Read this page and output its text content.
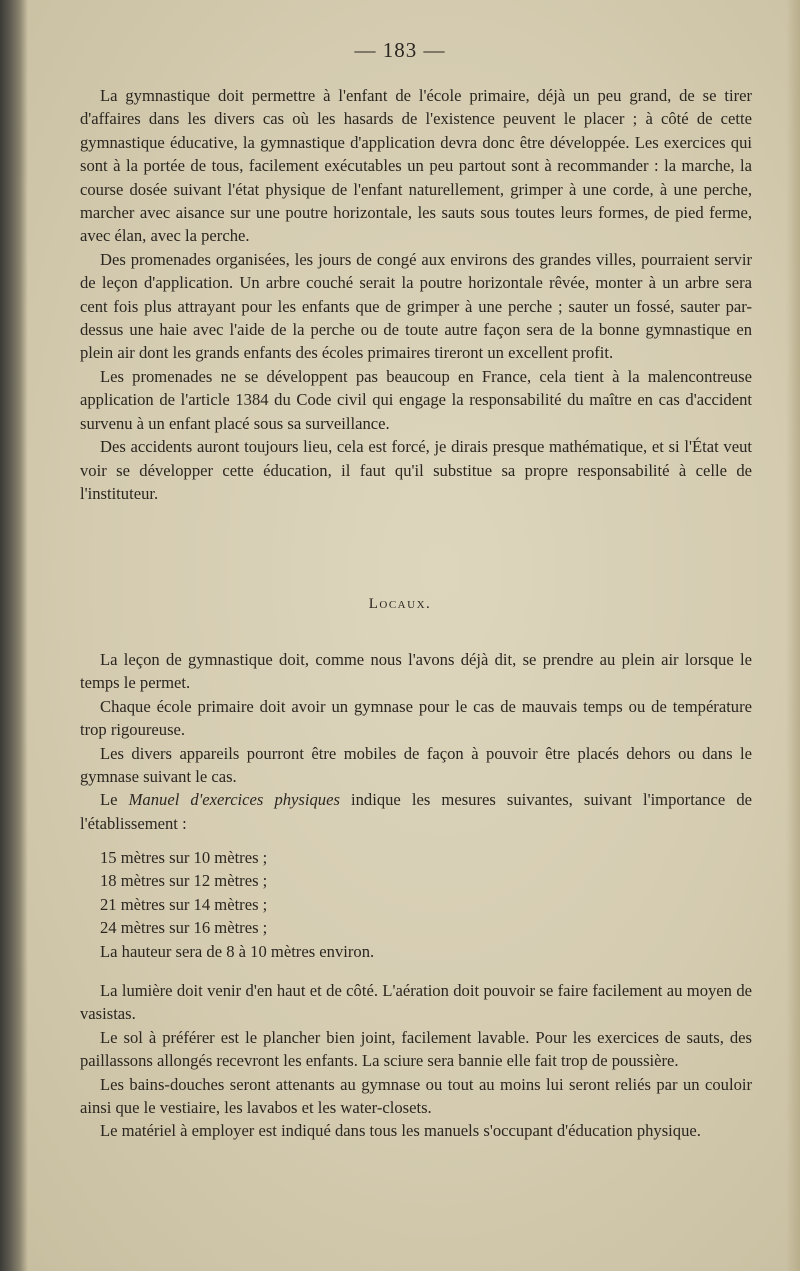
— 183 —

La gymnastique doit permettre à l'enfant de l'école primaire, déjà un peu grand, de se tirer d'affaires dans les divers cas où les hasards de l'existence peuvent le placer ; à côté de cette gymnastique éducative, la gymnastique d'application devra donc être développée. Les exercices qui sont à la portée de tous, facilement exécutables un peu partout sont à recommander : la marche, la course dosée suivant l'état physique de l'enfant naturellement, grimper à une corde, à une perche, marcher avec aisance sur une poutre horizontale, les sauts sous toutes leurs formes, de pied ferme, avec élan, avec la perche.

Des promenades organisées, les jours de congé aux environs des grandes villes, pourraient servir de leçon d'application. Un arbre couché serait la poutre horizontale rêvée, monter à un arbre sera cent fois plus attrayant pour les enfants que de grimper à une perche ; sauter un fossé, sauter par-dessus une haie avec l'aide de la perche ou de toute autre façon sera de la bonne gymnastique en plein air dont les grands enfants des écoles primaires tireront un excellent profit.

Les promenades ne se développent pas beaucoup en France, cela tient à la malencontreuse application de l'article 1384 du Code civil qui engage la responsabilité du maître en cas d'accident survenu à un enfant placé sous sa surveillance.

Des accidents auront toujours lieu, cela est forcé, je dirais presque mathématique, et si l'État veut voir se développer cette éducation, il faut qu'il substitue sa propre responsabilité à celle de l'instituteur.

Locaux.

La leçon de gymnastique doit, comme nous l'avons déjà dit, se prendre au plein air lorsque le temps le permet.

Chaque école primaire doit avoir un gymnase pour le cas de mauvais temps ou de température trop rigoureuse.

Les divers appareils pourront être mobiles de façon à pouvoir être placés dehors ou dans le gymnase suivant le cas.

Le Manuel d'exercices physiques indique les mesures suivantes, suivant l'importance de l'établissement :

15 mètres sur 10 mètres ;
18 mètres sur 12 mètres ;
21 mètres sur 14 mètres ;
24 mètres sur 16 mètres ;
La hauteur sera de 8 à 10 mètres environ.

La lumière doit venir d'en haut et de côté. L'aération doit pouvoir se faire facilement au moyen de vasistas.

Le sol à préférer est le plancher bien joint, facilement lavable. Pour les exercices de sauts, des paillassons allongés recevront les enfants. La sciure sera bannie elle fait trop de poussière.

Les bains-douches seront attenants au gymnase ou tout au moins lui seront reliés par un couloir ainsi que le vestiaire, les lavabos et les water-closets.

Le matériel à employer est indiqué dans tous les manuels s'occupant d'éducation physique.
